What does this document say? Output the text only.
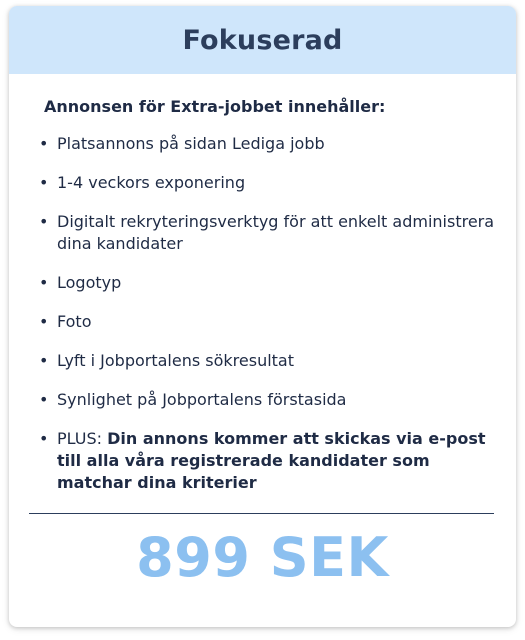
Fokuserad
Annonsen för Extra-jobbet innehåller:
• Platsannons på sidan Lediga jobb
• 1-4 veckors exponering
• Digitalt rekryteringsverktyg för att enkelt administrera dina kandidater
• Logotyp
• Foto
• Lyft i Jobportalens sökresultat
• Synlighet på Jobportalens förstasida
• PLUS: Din annons kommer att skickas via e-post till alla våra registrerade kandidater som matchar dina kriterier
899 SEK
